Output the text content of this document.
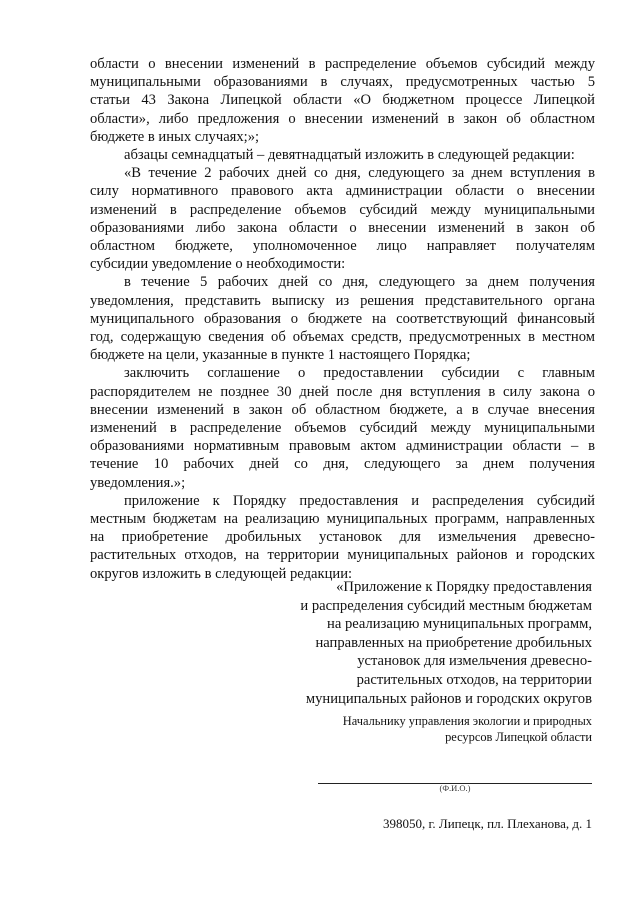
области о внесении изменений в распределение объемов субсидий между
муниципальными образованиями в случаях, предусмотренных частью 5
статьи 43 Закона Липецкой области «О бюджетном процессе Липецкой
области», либо предложения о внесении изменений в закон об областном
бюджете в иных случаях;»;

абзацы семнадцатый – девятнадцатый изложить в следующей редакции:

«В течение 2 рабочих дней со дня, следующего за днем вступления в
силу нормативного правового акта администрации области о внесении
изменений в распределение объемов субсидий между муниципальными
образованиями либо закона области о внесении изменений в закон об
областном бюджете, уполномоченное лицо направляет получателям
субсидии уведомление о необходимости:

в течение 5 рабочих дней со дня, следующего за днем получения
уведомления, представить выписку из решения представительного органа
муниципального образования о бюджете на соответствующий финансовый
год, содержащую сведения об объемах средств, предусмотренных в местном
бюджете на цели, указанные в пункте 1 настоящего Порядка;

заключить соглашение о предоставлении субсидии с главным
распорядителем не позднее 30 дней после дня вступления в силу закона о
внесении изменений в закон об областном бюджете, а в случае внесения
изменений в распределение объемов субсидий между муниципальными
образованиями нормативным правовым актом администрации области – в
течение 10 рабочих дней со дня, следующего за днем получения
уведомления.»;

приложение к Порядку предоставления и распределения субсидий
местным бюджетам на реализацию муниципальных программ, направленных
на приобретение дробильных установок для измельчения древесно-
растительных отходов, на территории муниципальных районов и городских
округов изложить в следующей редакции:

«Приложение к Порядку предоставления
и распределения субсидий местным бюджетам
на реализацию муниципальных программ,
направленных на приобретение дробильных
установок для измельчения древесно-
растительных отходов, на территории
муниципальных районов и городских округов
Начальнику управления экологии и природных
ресурсов Липецкой области
(Ф.И.О.)
398050, г. Липецк, пл. Плеханова, д. 1
